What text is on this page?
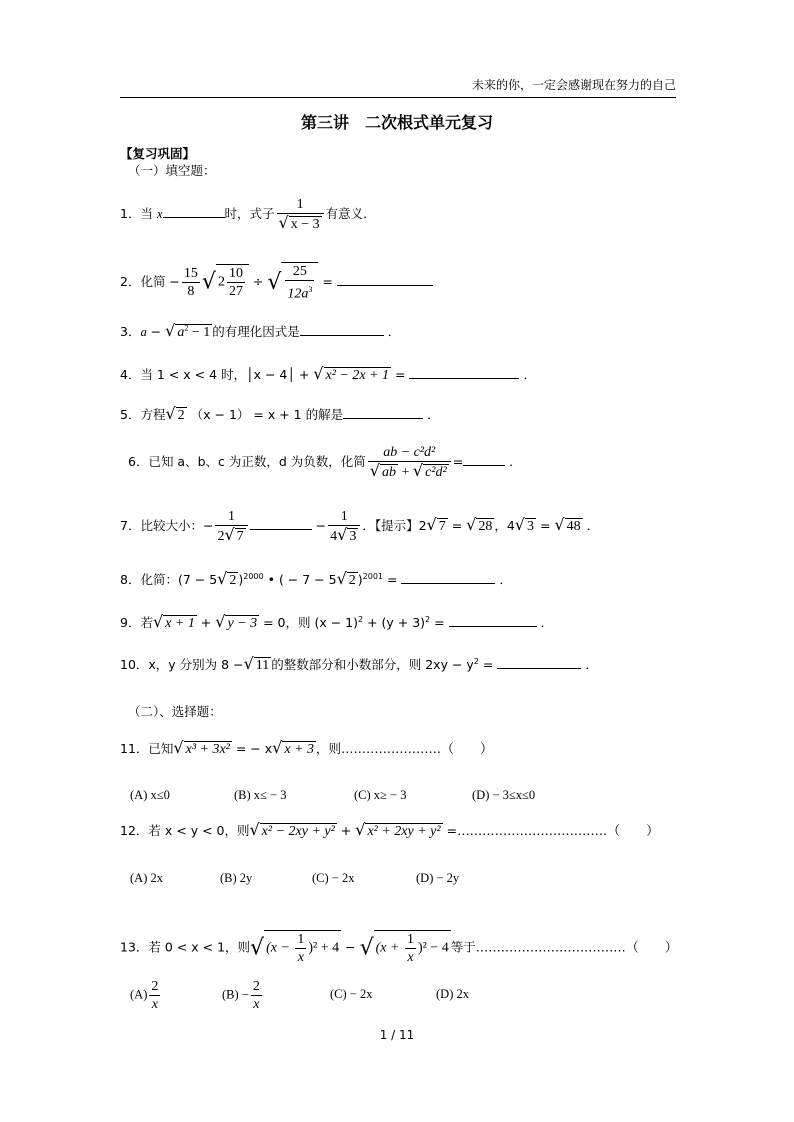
未来的你，一定会感谢现在努力的自己
第三讲　二次根式单元复习
【复习巩固】
（一）填空题：
1．当 x	时，式子 $\frac{1}{√ x - 3}$ 有意义．
2．化简 − $\frac{15}{8}$ √ $2 \frac{10}{27}$ ÷ √ $\frac{25}{12a^3}$ =
3．a − √ $a^2 - 1$ 的有理化因式是	．
4．当 1 < x < 4 时，│x − 4│ + √ x² − 2x + 1 =	．
5．方程√ 2 （x − 1） = x + 1 的解是	．
6．已知 a、b、c 为正数，d 为负数，化简 $\frac{\text{ab − c²d²}}{\text{√ ab + √ c²d²}}$ =	．
7．比较大小：− $\frac{1}{2√ 7}$	− $\frac{1}{4√ 3}$ ．【提示】2√ 7 = √ 28 ，4√ 3 = √ 48 ．
8．化简：(7 − 5√ 2 )$^{2000}$ • ( − 7 − 5√ 2 )$^{2001}$ =	．
9．若√ x + 1 + √ y − 3 = 0，则 $(x - 1)^2 + (y + 3)^2$ =	．
10．x，y 分别为 8 −√ 11 的整数部分和小数部分，则 $2xy - y^2$ =	．
（二）、选择题：
11．已知√ x³ + 3x² = − x√ x + 3 ，则……………………（　　）
(A) x≤0	(B) x≤ − 3	(C) x≥ − 3	(D) − 3≤x≤0
12．若 x < y < 0，则√ x² − 2xy + y² + √ x² + 2xy + y² =………………………………（　　）
(A) 2x	(B) 2y	(C) − 2x	(D) − 2y
13．若 0 < x < 1，则√ $(x - \frac{1}{x} )^2 + 4$ − √ $(x + \frac{1}{x} )^2 - 4$ 等于………………………………（　　）
$(A) \frac{2}{x}$	$(B) - \frac{2}{x}$	(C) − 2x	(D) 2x
1 / 11
